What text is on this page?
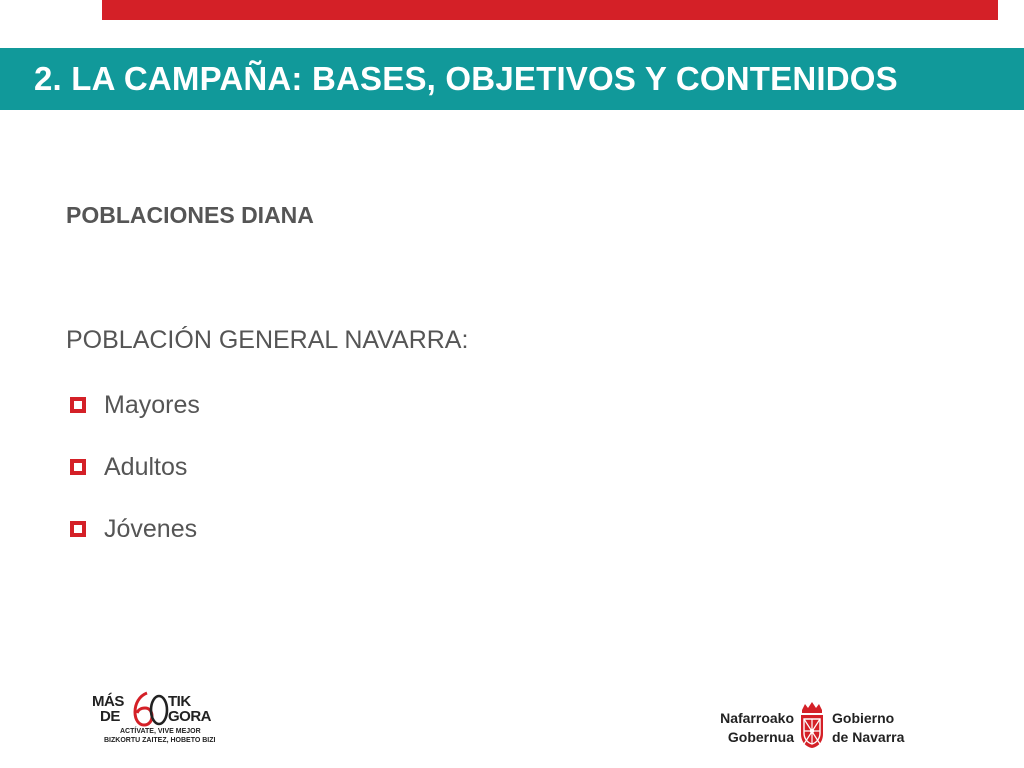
2. LA CAMPAÑA: BASES, OBJETIVOS Y CONTENIDOS
POBLACIONES DIANA
POBLACIÓN GENERAL NAVARRA:
Mayores
Adultos
Jóvenes
MÁS
DE
TIK
GORA
ACTÍVATE, VIVE MEJOR
BIZKORTU ZAITEZ, HOBETO BIZI
Nafarroako
Gobernua
Gobierno
de Navarra
